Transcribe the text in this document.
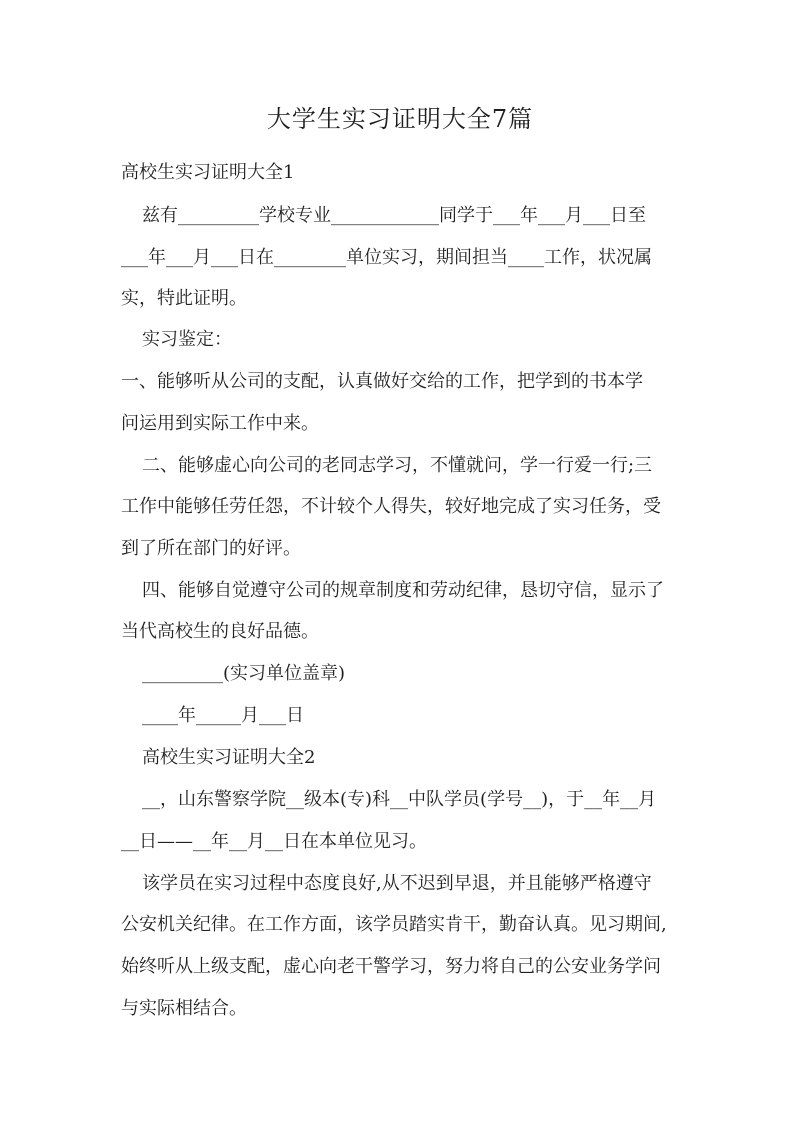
大学生实习证明大全7篇

高校生实习证明大全1

兹有_________学校专业____________同学于___年___月___日至

___年___月___日在________单位实习，期间担当____工作，状况属

实，特此证明。

实习鉴定：

一、能够听从公司的支配，认真做好交给的工作，把学到的书本学

问运用到实际工作中来。

二、能够虚心向公司的老同志学习，不懂就问，学一行爱一行;三

工作中能够任劳任怨，不计较个人得失，较好地完成了实习任务，受

到了所在部门的好评。

四、能够自觉遵守公司的规章制度和劳动纪律，恳切守信，显示了

当代高校生的良好品德。

_________(实习单位盖章)

____年_____月___日

高校生实习证明大全2

__，山东警察学院__级本(专)科__中队学员(学号__)，于__年__月

__日——__年__月__日在本单位见习。

该学员在实习过程中态度良好,从不迟到早退，并且能够严格遵守

公安机关纪律。在工作方面，该学员踏实肯干，勤奋认真。见习期间,

始终听从上级支配，虚心向老干警学习，努力将自己的公安业务学问

与实际相结合。
